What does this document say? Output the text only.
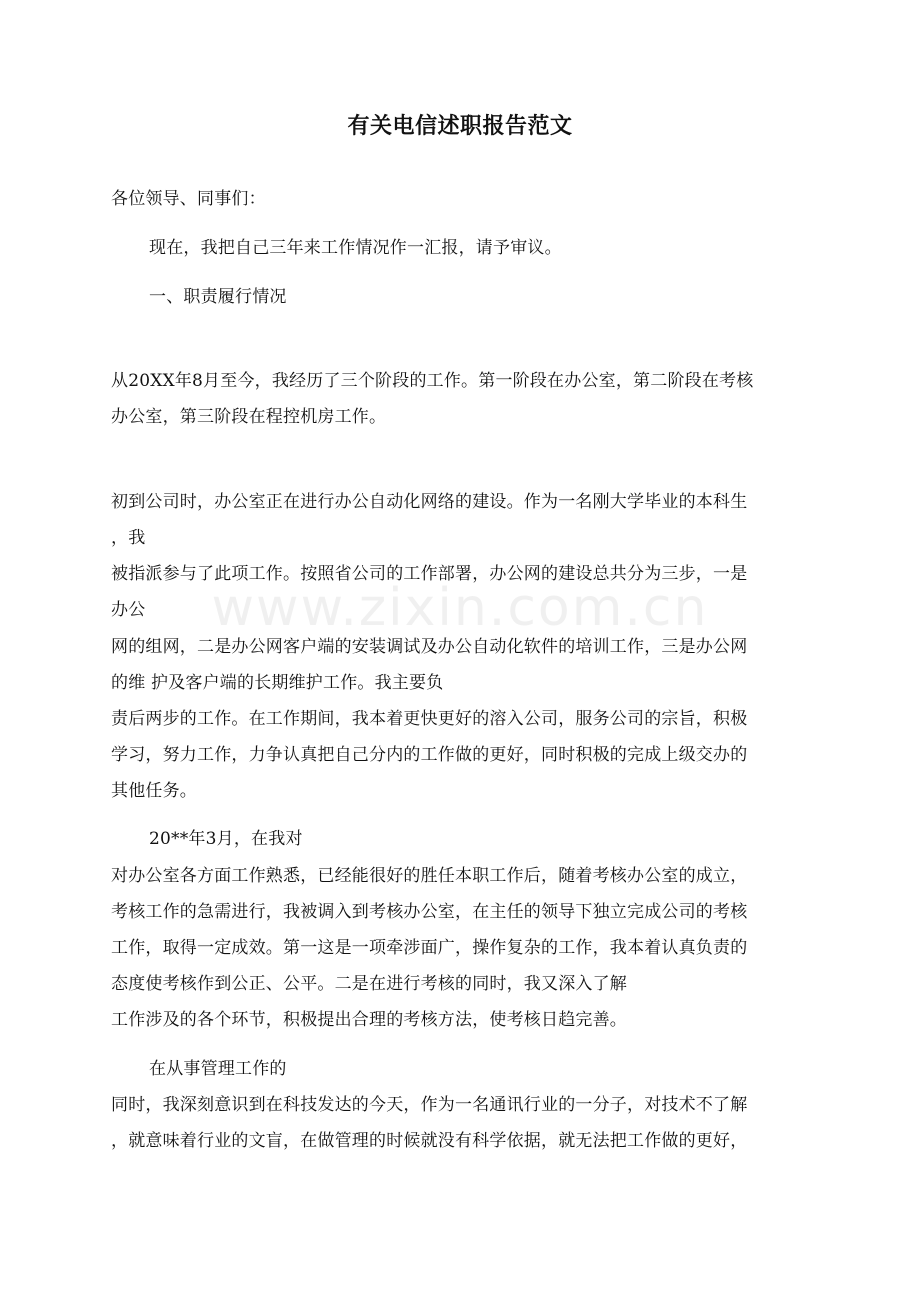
www.zixin.com.cn
有关电信述职报告范文
各位领导、同事们：
现在，我把自己三年来工作情况作一汇报，请予审议。
一、职责履行情况
从20XX年8月至今，我经历了三个阶段的工作。第一阶段在办公室，第二阶段在考核
办公室，第三阶段在程控机房工作。
初到公司时，办公室正在进行办公自动化网络的建设。作为一名刚大学毕业的本科生
，我
被指派参与了此项工作。按照省公司的工作部署，办公网的建设总共分为三步，一是
办公
网的组网，二是办公网客户端的安装调试及办公自动化软件的培训工作，三是办公网
的维 护及客户端的长期维护工作。我主要负
责后两步的工作。在工作期间，我本着更快更好的溶入公司，服务公司的宗旨，积极
学习，努力工作，力争认真把自己分内的工作做的更好，同时积极的完成上级交办的
其他任务。
20**年3月，在我对
对办公室各方面工作熟悉，已经能很好的胜任本职工作后，随着考核办公室的成立，
考核工作的急需进行，我被调入到考核办公室，在主任的领导下独立完成公司的考核
工作，取得一定成效。第一这是一项牵涉面广，操作复杂的工作，我本着认真负责的
态度使考核作到公正、公平。二是在进行考核的同时，我又深入了解
工作涉及的各个环节，积极提出合理的考核方法，使考核日趋完善。
在从事管理工作的
同时，我深刻意识到在科技发达的今天，作为一名通讯行业的一分子，对技术不了解
，就意味着行业的文盲，在做管理的时候就没有科学依据，就无法把工作做的更好，
